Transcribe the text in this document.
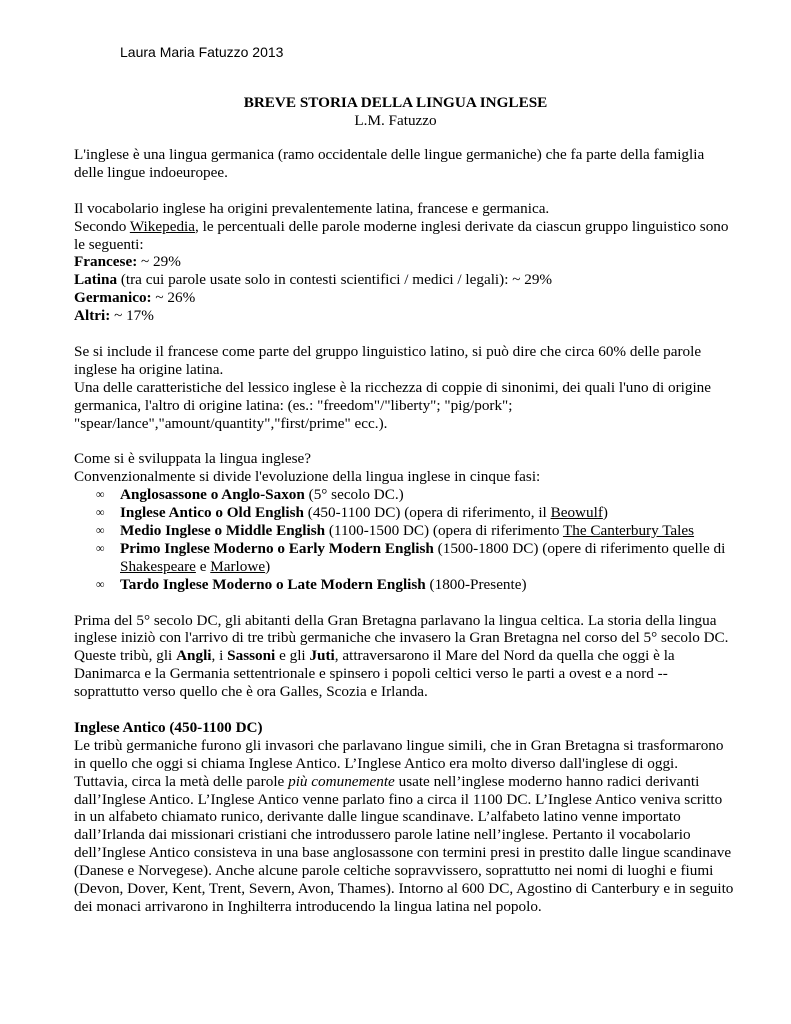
Laura Maria Fatuzzo 2013
BREVE STORIA DELLA LINGUA INGLESE
L.M. Fatuzzo

L'inglese è una lingua germanica (ramo occidentale delle lingue germaniche) che fa parte della famiglia delle lingue indoeuropee.

Il vocabolario inglese ha origini prevalentemente latina, francese e germanica.

Secondo Wikepedia, le percentuali delle parole moderne inglesi derivate da ciascun gruppo linguistico sono le seguenti:

Francese: ~ 29%

Latina (tra cui parole usate solo in contesti scientifici / medici / legali): ~ 29%

Germanico: ~ 26%

Altri: ~ 17%

Se si include il francese come parte del gruppo linguistico latino, si può dire che circa 60% delle parole inglese ha origine latina.

Una delle caratteristiche del lessico inglese è la ricchezza di coppie di sinonimi, dei quali l'uno di origine germanica, l'altro di origine latina: (es.: "freedom"/"liberty"; "pig/pork"; "spear/lance","amount/quantity","first/prime" ecc.).

Come si è sviluppata la lingua inglese?

Convenzionalmente si divide l'evoluzione della lingua inglese in cinque fasi:

∞ Anglosassone o Anglo-Saxon (5° secolo DC.)
∞ Inglese Antico o Old English (450-1100 DC) (opera di riferimento, il Beowulf)
∞ Medio Inglese o Middle English (1100-1500 DC) (opera di riferimento The Canterbury Tales
∞ Primo Inglese Moderno o Early Modern English (1500-1800 DC) (opere di riferimento quelle di Shakespeare e Marlowe)
∞ Tardo Inglese Moderno o Late Modern English (1800-Presente)

Prima del 5° secolo DC, gli abitanti della Gran Bretagna parlavano la lingua celtica. La storia della lingua inglese iniziò con l'arrivo di tre tribù germaniche che invasero la Gran Bretagna nel corso del 5° secolo DC. Queste tribù, gli Angli, i Sassoni e gli Juti, attraversarono il Mare del Nord da quella che oggi è la Danimarca e la Germania settentrionale e spinsero i popoli celtici verso le parti a ovest e a nord -- soprattutto verso quello che è ora Galles, Scozia e Irlanda.

Inglese Antico (450-1100 DC)

Le tribù germaniche furono gli invasori che parlavano lingue simili, che in Gran Bretagna si trasformarono in quello che oggi si chiama Inglese Antico. L’Inglese Antico era molto diverso dall'inglese di oggi. Tuttavia, circa la metà delle parole più comunemente usate nell’inglese moderno hanno radici derivanti dall’Inglese Antico. L’Inglese Antico venne parlato fino a circa il 1100 DC. L’Inglese Antico veniva scritto in un alfabeto chiamato runico, derivante dalle lingue scandinave. L’alfabeto latino venne importato dall’Irlanda dai missionari cristiani che introdussero parole latine nell’inglese. Pertanto il vocabolario dell’Inglese Antico consisteva in una base anglosassone con termini presi in prestito dalle lingue scandinave (Danese e Norvegese). Anche alcune parole celtiche sopravvissero, soprattutto nei nomi di luoghi e fiumi (Devon, Dover, Kent, Trent, Severn, Avon, Thames). Intorno al 600 DC, Agostino di Canterbury e in seguito dei monaci arrivarono in Inghilterra introducendo la lingua latina nel popolo.
